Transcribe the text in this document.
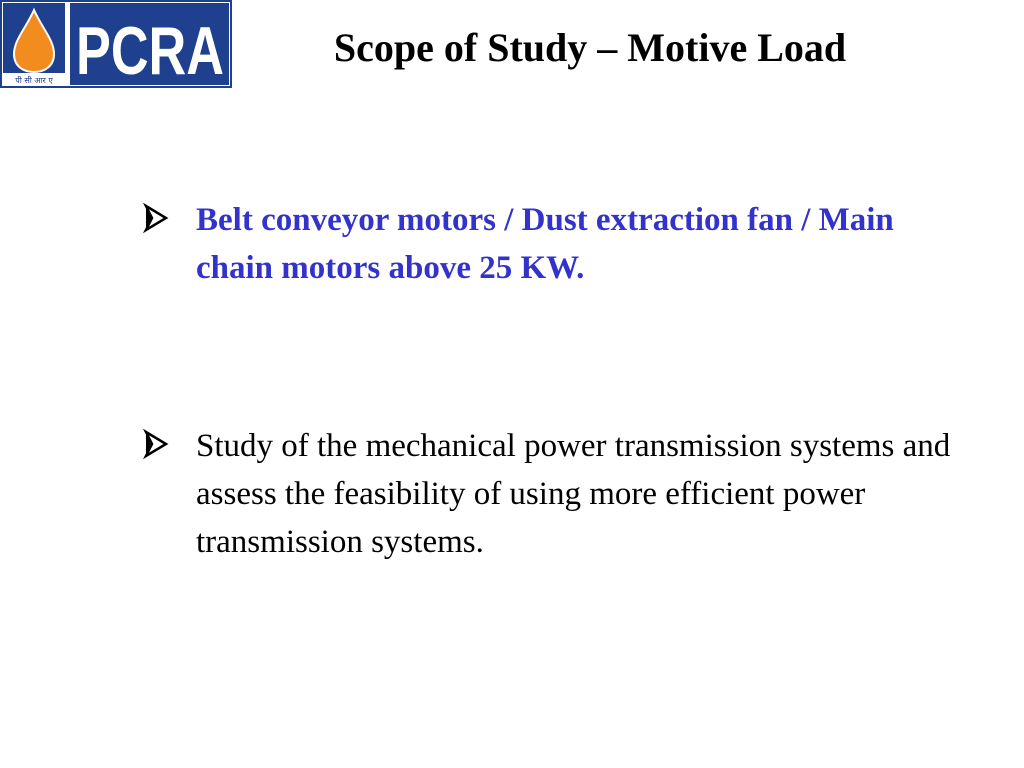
पी सी आर ए PCRA	Scope of Study – Motive Load
Belt conveyor motors / Dust extraction fan / Main chain motors above 25 KW.
Study of the mechanical power transmission systems and assess the feasibility of using more efficient power transmission systems.
